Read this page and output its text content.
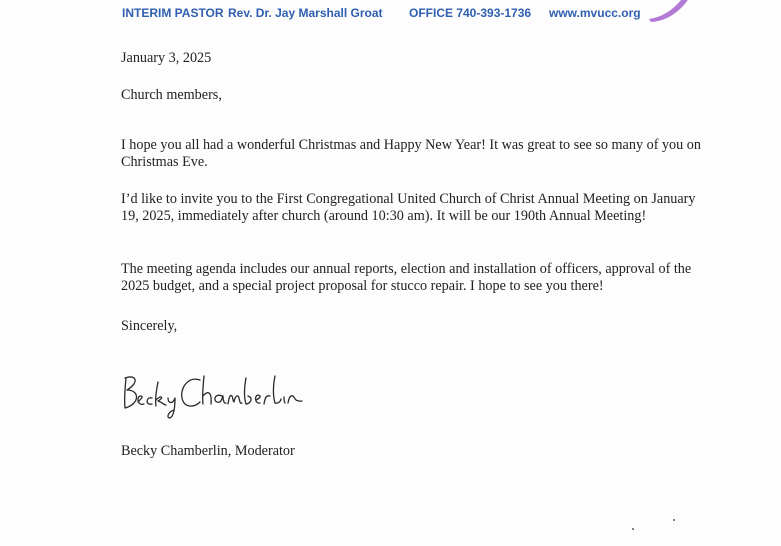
INTERIM PASTOR Rev. Dr. Jay Marshall Groat OFFICE 740-393-1736 www.mvucc.org
January 3, 2025
Church members,

I hope you all had a wonderful Christmas and Happy New Year! It was great to see so many of you on Christmas Eve.

I’d like to invite you to the First Congregational United Church of Christ Annual Meeting on January 19, 2025, immediately after church (around 10:30 am). It will be our 190th Annual Meeting!

The meeting agenda includes our annual reports, election and installation of officers, approval of the 2025 budget, and a special project proposal for stucco repair. I hope to see you there!

Sincerely,
Becky Chamberlin, Moderator
